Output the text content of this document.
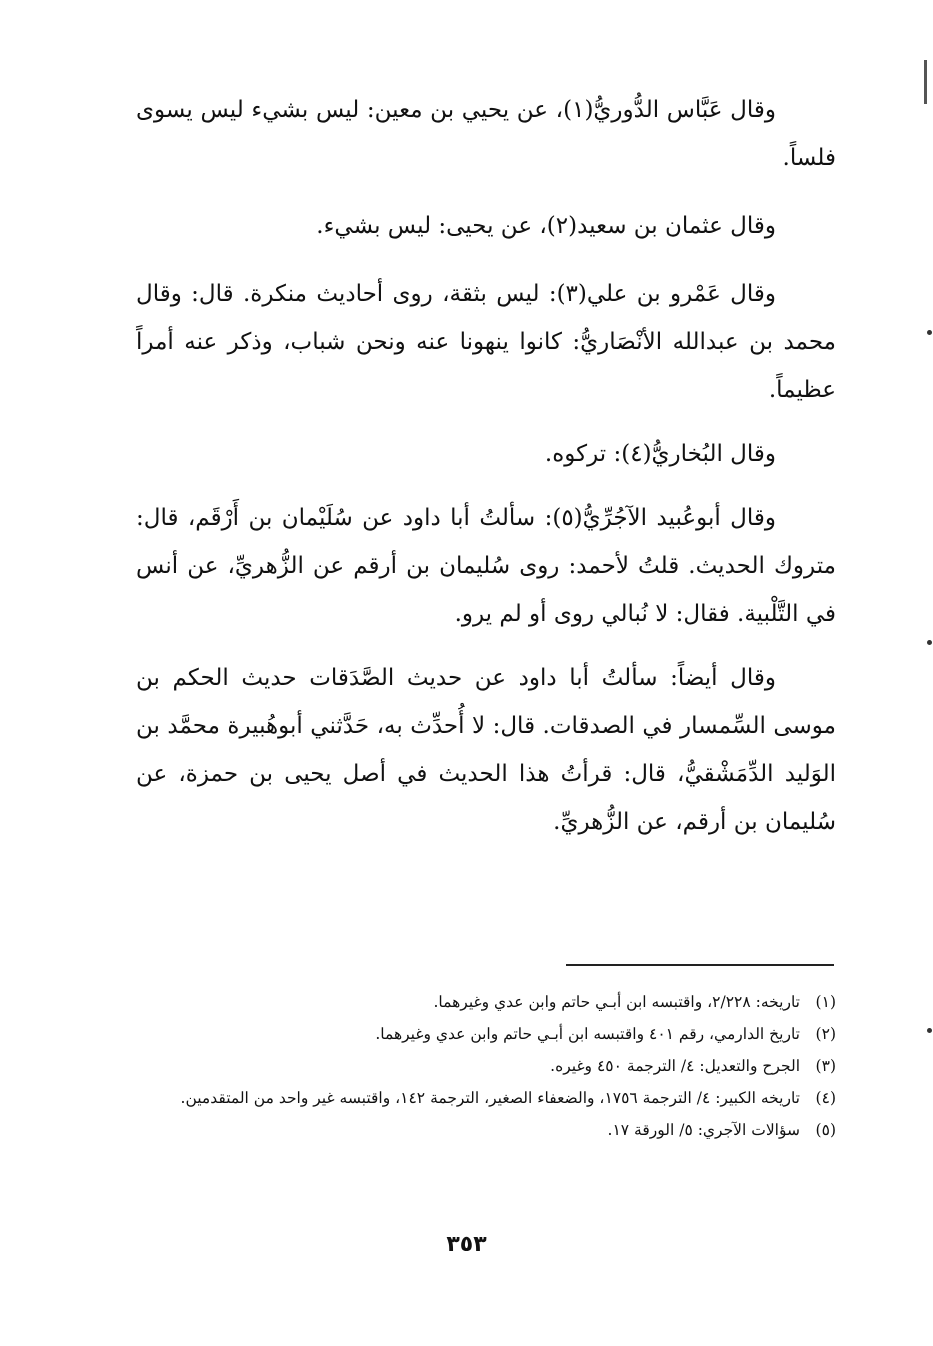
وقال عَبَّاس الدُّوريُّ(١)، عن يحيي بن معين: ليس بشيء ليس يسوى فلساً.

وقال عثمان بن سعيد(٢)، عن يحيى: ليس بشيء.

وقال عَمْرو بن علي(٣): ليس بثقة، روى أحاديث منكرة. قال: وقال محمد بن عبدالله الأنْصَاريُّ: كانوا ينهونا عنه ونحن شباب، وذكر عنه أمراً عظيماً.

وقال البُخاريُّ(٤): تركوه.

وقال أبوعُبيد الآجُرِّيُّ(٥): سألتُ أبا داود عن سُلَيْمان بن أَرْقَم، قال: متروك الحديث. قلتُ لأحمد: روى سُليمان بن أرقم عن الزُّهريِّ، عن أنس في التَّلْبية. فقال: لا نُبالي روى أو لم يرو.

وقال أيضاً: سألتُ أبا داود عن حديث الصَّدَقات حديث الحكم بن موسى السِّمسار في الصدقات. قال: لا أُحدِّث به، حَدَّثني أبوهُبيرة محمَّد بن الوَليد الدِّمَشْقيُّ، قال: قرأتُ هذا الحديث في أصل يحيى بن حمزة، عن سُليمان بن أرقم، عن الزُّهريِّ.

(١)تاريخه: ٢/٢٢٨، واقتبسه ابن أبـي حاتم وابن عدي وغيرهما.

(٢)تاريخ الدارمي، رقم ٤٠١ واقتبسه ابن أبـي حاتم وابن عدي وغيرهما.

(٣)الجرح والتعديل: ٤/ الترجمة ٤٥٠ وغيره.

(٤)تاريخه الكبير: ٤/ الترجمة ١٧٥٦، والضعفاء الصغير، الترجمة ١٤٢، واقتبسه غير واحد من المتقدمين.

(٥)سؤالات الآجري: ٥/ الورقة ١٧.

٣٥٣
